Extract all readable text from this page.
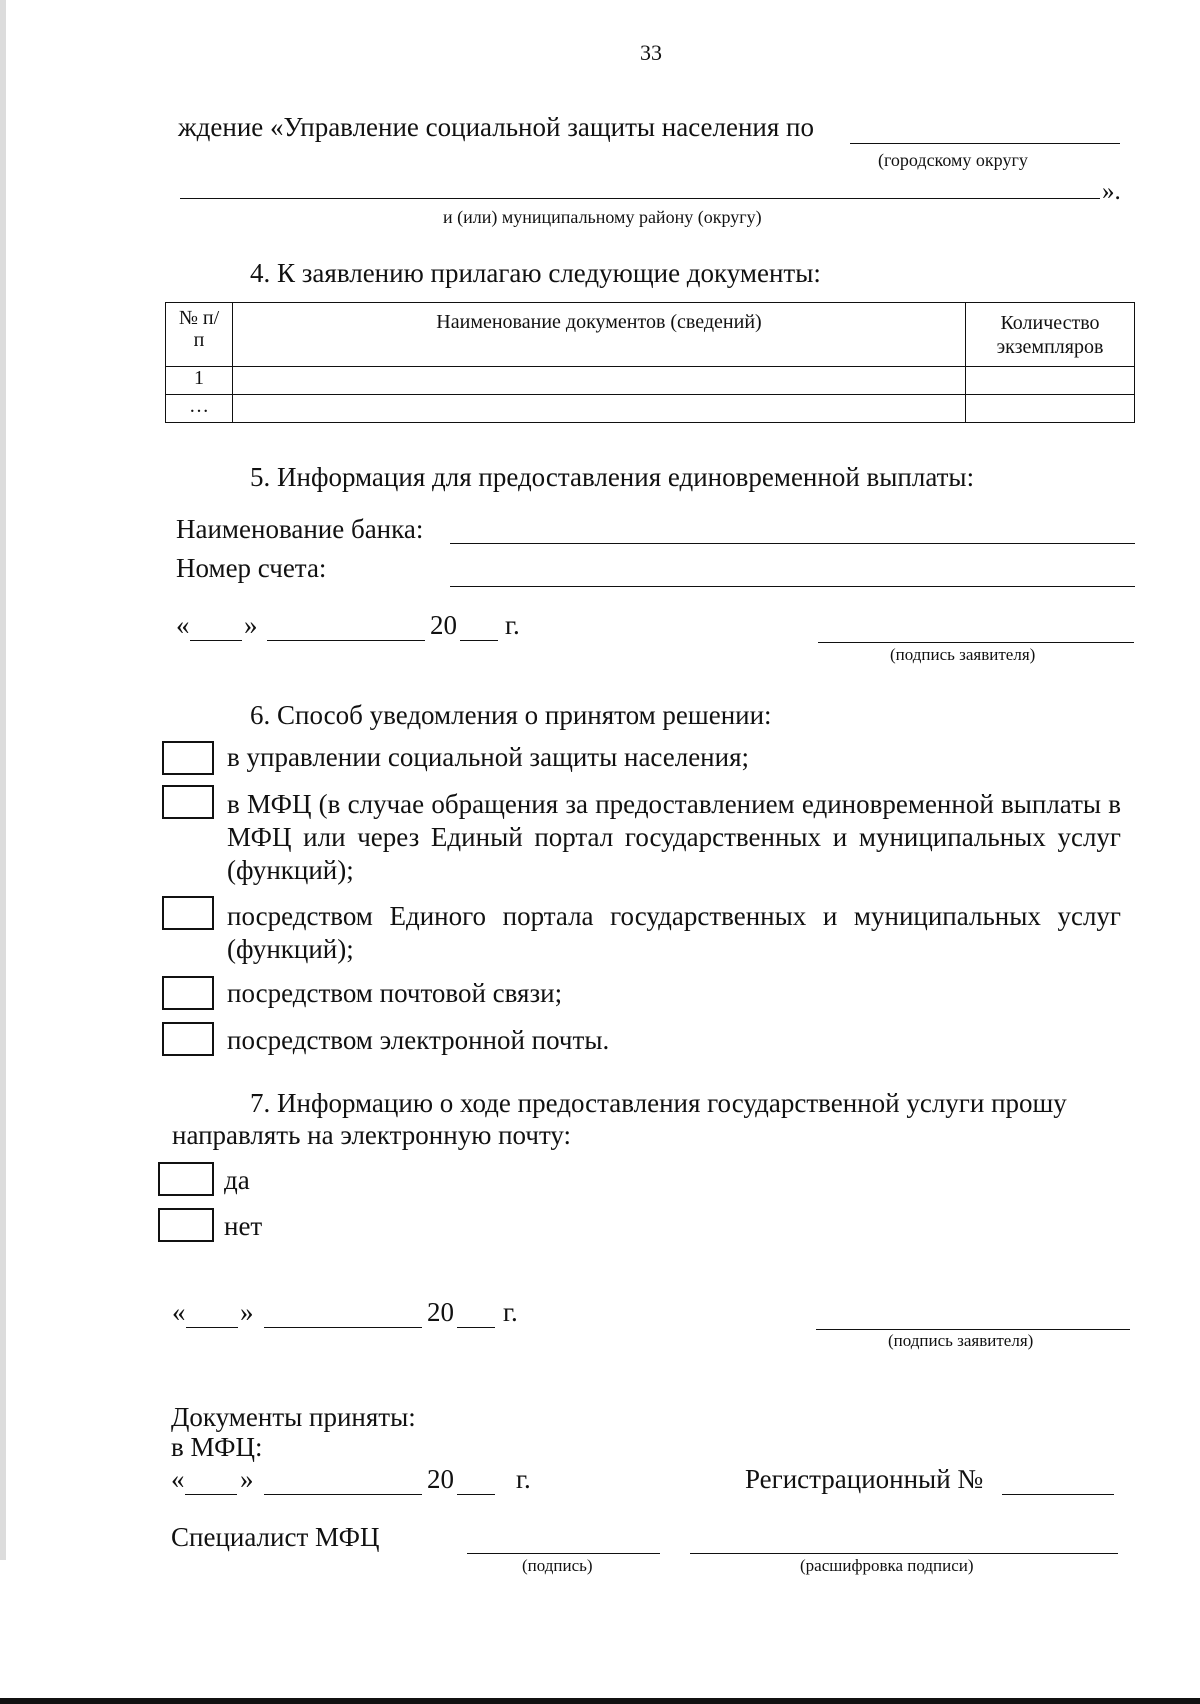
33
ждение «Управление социальной защиты населения по
(городскому округу
».
и (или) муниципальному району (округу)
4. К заявлению прилагаю следующие документы:
№ п/п	Наименование документов (сведений)	Количество экземпляров

1		
…		
5. Информация для предоставления единовременной выплаты:
Наименование банка:
Номер счета:
« »	20 г.
(подпись заявителя)
6. Способ уведомления о принятом решении:
в управлении социальной защиты населения;
в МФЦ (в случае обращения за предоставлением единовременной выплаты в МФЦ или через Единый портал государственных и муниципальных услуг (функций);
посредством Единого портала государственных и муниципальных услуг (функций);
посредством почтовой связи;
посредством электронной почты.
7. Информацию о ходе предоставления государственной услуги прошу
направлять на электронную почту:
да
нет
« »	20 г.
(подпись заявителя)
Документы приняты:
в МФЦ:
« »	20 г.	Регистрационный №
Специалист МФЦ
(подпись)	(расшифровка подписи)
